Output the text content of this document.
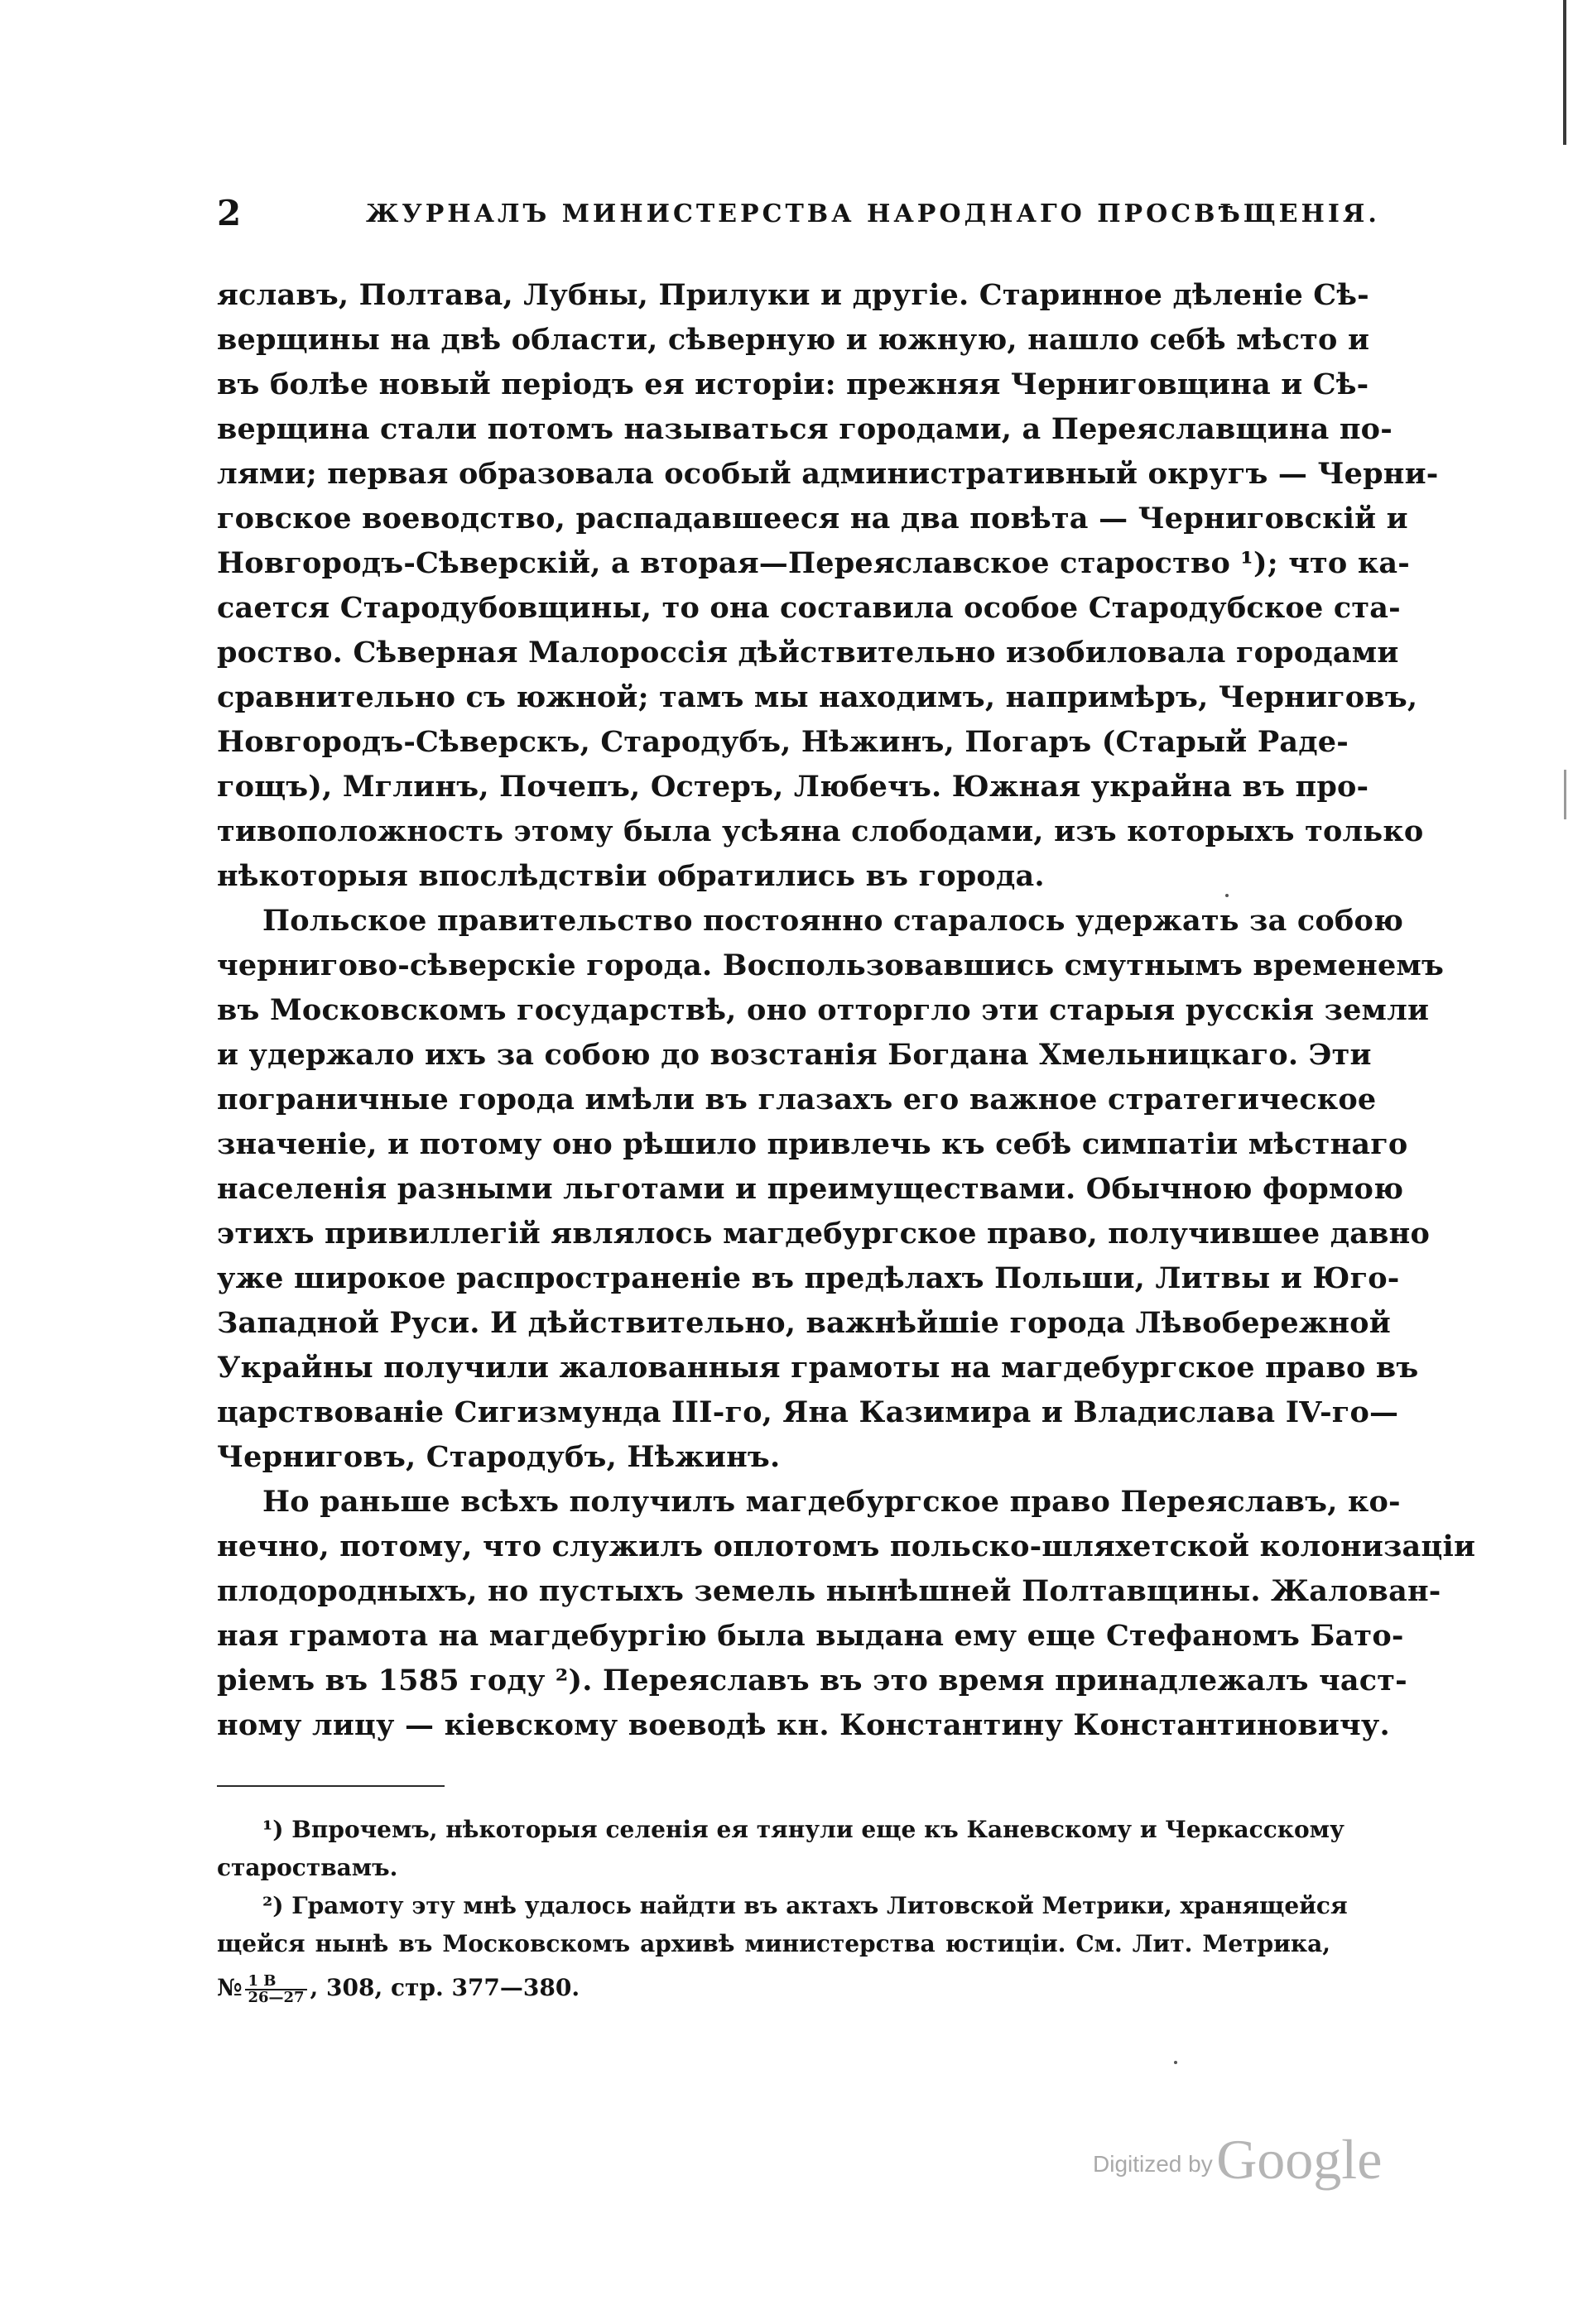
2	ЖУРНАЛЪ МИНИСТЕРСТВА НАРОДНАГО ПРОСВѢЩЕНІЯ.
яславъ, Полтава, Лубны, Прилуки и другіе. Старинное дѣленіе Сѣ-
верщины на двѣ области, сѣверную и южную, нашло себѣ мѣсто и
въ болѣе новый періодъ ея исторіи: прежняя Черниговщина и Сѣ-
верщина стали потомъ называться городами, а Переяславщина по-
лями; первая образовала особый административный округъ — Черни-
говское воеводство, распадавшееся на два повѣта — Черниговскій и
Новгородъ-Сѣверскій, а вторая—Переяславское староство ¹); что ка-
сается Стародубовщины, то она составила особое Стародубское ста-
роство. Сѣверная Малороссія дѣйствительно изобиловала городами
сравнительно съ южной; тамъ мы находимъ, напримѣръ, Черниговъ,
Новгородъ-Сѣверскъ, Стародубъ, Нѣжинъ, Погаръ (Старый Раде-
гощъ), Мглинъ, Почепъ, Остеръ, Любечъ. Южная украйна въ про-
тивоположность этому была усѣяна слободами, изъ которыхъ только
нѣкоторыя впослѣдствіи обратились въ города.
Польское правительство постоянно старалось удержать за собою
черниговo-сѣверскіе города. Воспользовавшись смутнымъ временемъ
въ Московскомъ государствѣ, оно отторгло эти старыя русскія земли
и удержало ихъ за собою до возстанія Богдана Хмельницкаго. Эти
пограничные города имѣли въ глазахъ его важное стратегическое
значеніе, и потому оно рѣшило привлечь къ себѣ симпатіи мѣстнаго
населенія разными льготами и преимуществами. Обычною формою
этихъ привиллегій являлось магдебургское право, получившее давно
уже широкое распространеніе въ предѣлахъ Польши, Литвы и Юго-
Западной Руси. И дѣйствительно, важнѣйшіе города Лѣвобережной
Украйны получили жалованныя грамоты на магдебургское право въ
царствованіе Сигизмунда III-го, Яна Казимира и Владислава IV-го—
Черниговъ, Стародубъ, Нѣжинъ.
Но раньше всѣхъ получилъ магдебургское право Переяславъ, ко-
нечно, потому, что служилъ оплотомъ польско-шляхетской колонизаціи
плодородныхъ, но пустыхъ земель нынѣшней Полтавщины. Жалован-
ная грамота на магдебургію была выдана ему еще Стефаномъ Бато-
ріемъ въ 1585 году ²). Переяславъ въ это время принадлежалъ част-
ному лицу — кіевскому воеводѣ кн. Константину Константиновичу.
¹) Впрочемъ, нѣкоторыя селенія ея тянули еще къ Каневскому и Черкасскому
староствамъ.
²) Грамоту эту мнѣ удалось найдти въ актахъ Литовской Метрики, хранящейся
щейся нынѣ въ Московскомъ архивѣ министерства юстиціи. См. Лит. Метрика,
№ $\frac{1 В}{26—27}$ , 308, стр. 377—380.
Digitized by Google
